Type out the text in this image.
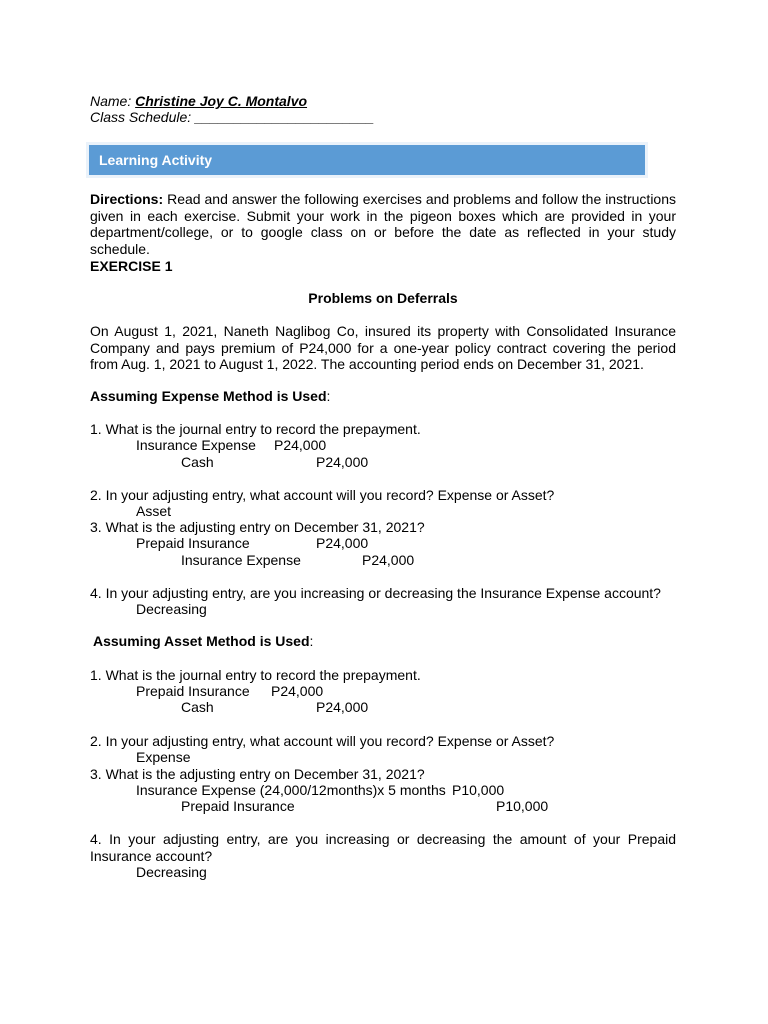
Name: Christine Joy C. Montalvo
Class Schedule: _______________________
Learning Activity
Directions: Read and answer the following exercises and problems and follow the instructions given in each exercise. Submit your work in the pigeon boxes which are provided in your department/college, or to google class on or before the date as reflected in your study schedule.
EXERCISE 1
Problems on Deferrals
On August 1, 2021, Naneth Naglibog Co, insured its property with Consolidated Insurance Company and pays premium of P24,000 for a one-year policy contract covering the period from Aug. 1, 2021 to August 1, 2022. The accounting period ends on December 31, 2021.
Assuming Expense Method is Used:
1. What is the journal entry to record the prepayment.
Insurance Expense P24,000
Cash	P24,000
2. In your adjusting entry, what account will you record? Expense or Asset?
Asset
3. What is the adjusting entry on December 31, 2021?
Prepaid Insurance	P24,000
Insurance Expense	P24,000
4. In your adjusting entry, are you increasing or decreasing the Insurance Expense account?
Decreasing
Assuming Asset Method is Used:
1. What is the journal entry to record the prepayment.
Prepaid Insurance P24,000
Cash	P24,000
2. In your adjusting entry, what account will you record? Expense or Asset?
Expense
3. What is the adjusting entry on December 31, 2021?
Insurance Expense (24,000/12months)x 5 months P10,000
Prepaid Insurance	P10,000
4. In your adjusting entry, are you increasing or decreasing the amount of your Prepaid Insurance account?
Decreasing
